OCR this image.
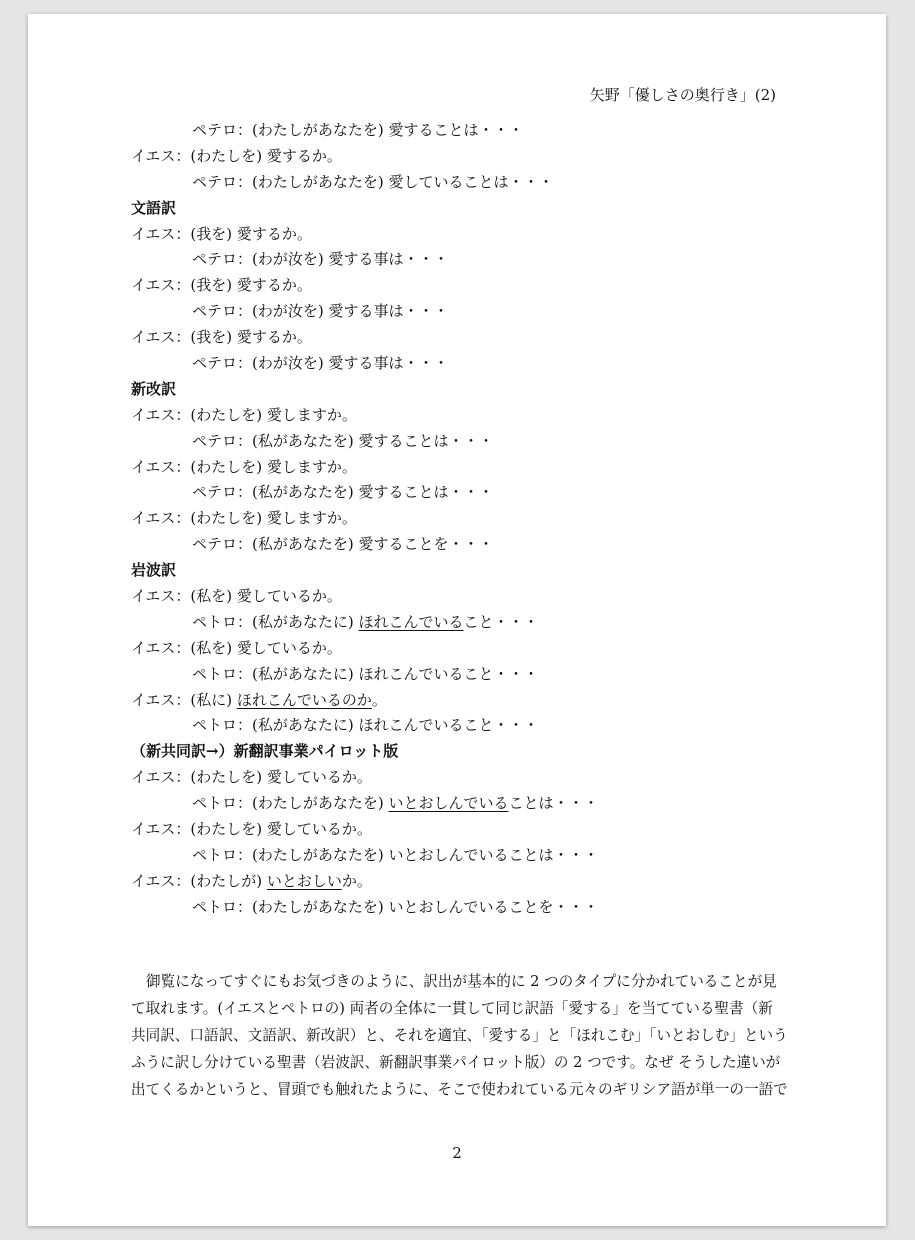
矢野「優しさの奥行き」(2)
ペテロ：(わたしがあなたを) 愛することは・・・
イエス：(わたしを) 愛するか。
ペテロ：(わたしがあなたを) 愛していることは・・・
文語訳
イエス：(我を) 愛するか。
ペテロ：(わが汝を) 愛する事は・・・
イエス：(我を) 愛するか。
ペテロ：(わが汝を) 愛する事は・・・
イエス：(我を) 愛するか。
ペテロ：(わが汝を) 愛する事は・・・
新改訳
イエス：(わたしを) 愛しますか。
ペテロ：(私があなたを) 愛することは・・・
イエス：(わたしを) 愛しますか。
ペテロ：(私があなたを) 愛することは・・・
イエス：(わたしを) 愛しますか。
ペテロ：(私があなたを) 愛することを・・・
岩波訳
イエス：(私を) 愛しているか。
ペトロ：(私があなたに) ほれこんでいること・・・
イエス：(私を) 愛しているか。
ペトロ：(私があなたに) ほれこんでいること・・・
イエス：(私に) ほれこんでいるのか。
ペトロ：(私があなたに) ほれこんでいること・・・
（新共同訳→）新翻訳事業パイロット版
イエス：(わたしを) 愛しているか。
ペトロ：(わたしがあなたを) いとおしんでいることは・・・
イエス：(わたしを) 愛しているか。
ペトロ：(わたしがあなたを) いとおしんでいることは・・・
イエス：(わたしが) いとおしいか。
ペトロ：(わたしがあなたを) いとおしんでいることを・・・
御覧になってすぐにもお気づきのように、訳出が基本的に 2 つのタイプに分かれていることが見
て取れます。(イエスとペトロの) 両者の全体に一貫して同じ訳語「愛する」を当てている聖書（新
共同訳、口語訳、文語訳、新改訳）と、それを適宜、「愛する」と「ほれこむ」「いとおしむ」という
ふうに訳し分けている聖書（岩波訳、新翻訳事業パイロット版）の 2 つです。なぜ そうした違いが
出てくるかというと、冒頭でも触れたように、そこで使われている元々のギリシア語が単一の一語で
2
